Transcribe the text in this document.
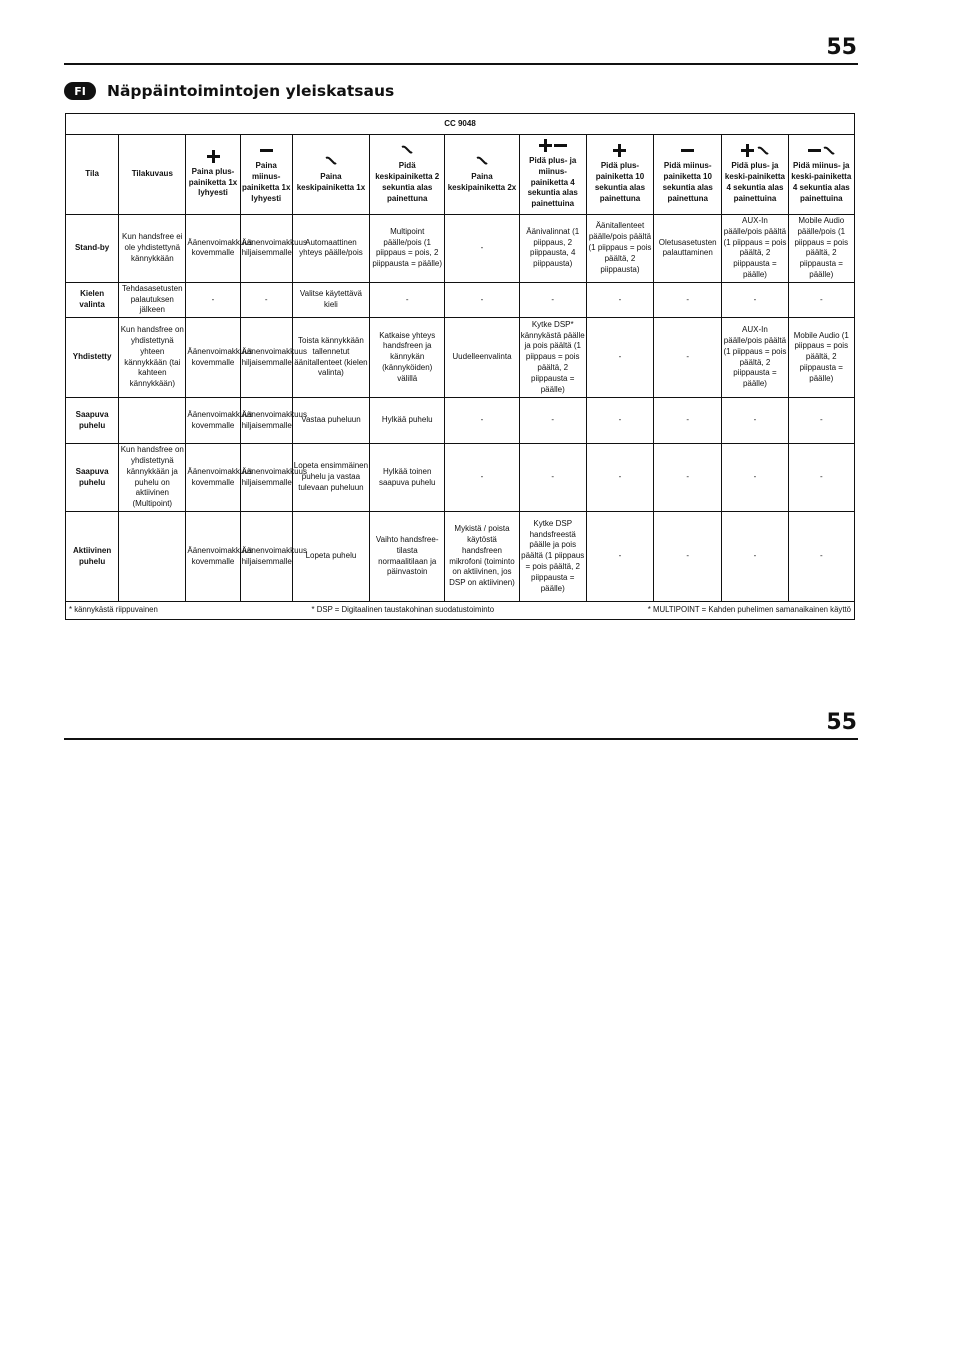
55
FI	Näppäintoimintojen yleiskatsaus
CC 9048											
Tila	Tilakuvaus	Paina plus-painiketta 1x lyhyesti	Paina miinus-painiketta 1x lyhyesti	Paina keskipainiketta 1x	Pidä keskipainiketta 2 sekuntia alas painettuna	Paina keskipainiketta 2x	Pidä plus- ja miinus-painiketta 4 sekuntia alas painettuina	Pidä plus-painiketta 10 sekuntia alas painettuna	Pidä miinus-painiketta 10 sekuntia alas painettuna	Pidä plus- ja keski-painiketta 4 sekuntia alas painettuina	Pidä miinus- ja keski-painiketta 4 sekuntia alas painettuina
Stand-by	Kun handsfree ei ole yhdistettynä kännykkään	Äänenvoimakkuus kovemmalle	Äänenvoimakkuus hiljaisemmalle	Automaattinen yhteys päälle/pois	Multipoint päälle/pois (1 piippaus = pois, 2 piippausta = päälle)	-	Äänivalinnat (1 piippaus, 2 piippausta, 4 piippausta)	Äänitallenteet päälle/pois päältä (1 piippaus = pois päältä, 2 piippausta)	Oletusasetusten palauttaminen	AUX-In päälle/pois päältä (1 piippaus = pois päältä, 2 piippausta = päälle)	Mobile Audio päälle/pois (1 piippaus = pois päältä, 2 piippausta = päälle)
Kielen valinta	Tehdasasetusten palautuksen jälkeen	-	-	Valitse käytettävä kieli	-	-	-	-	-	-	-
Yhdistetty	Kun handsfree on yhdistettynä yhteen kännykkään (tai kahteen kännykkään)	Äänenvoimakkuus kovemmalle	Äänenvoimakkuus hiljaisemmalle	Toista kännykkään tallennetut äänitallenteet (kielen valinta)	Katkaise yhteys handsfreen ja kännykän (kännyköiden) välillä	Uudelleenvalinta	Kytke DSP* kännykästä päälle ja pois päältä (1 piippaus = pois päältä, 2 piippausta = päälle)	-	-	AUX-In päälle/pois päältä (1 piippaus = pois päältä, 2 piippausta = päälle)	Mobile Audio (1 piippaus = pois päältä, 2 piippausta = päälle)
Saapuva puhelu		Äänenvoimakkuus kovemmalle	Äänenvoimakkuus hiljaisemmalle	Vastaa puheluun	Hylkää puhelu	-	-	-	-	-	-
Saapuva puhelu	Kun handsfree on yhdistettynä kännykkään ja puhelu on aktiivinen (Multipoint)	Äänenvoimakkuus kovemmalle	Äänenvoimakkuus hiljaisemmalle	Lopeta ensimmäinen puhelu ja vastaa tulevaan puheluun	Hylkää toinen saapuva puhelu	-	-	-	-	-	-
Aktiivinen puhelu		Äänenvoimakkuus kovemmalle	Äänenvoimakkuus hiljaisemmalle	Lopeta puhelu	Vaihto handsfree-tilasta normaalitilaan ja päinvastoin	Mykistä / poista käytöstä handsfreen mikrofoni (toiminto on aktiivinen, jos DSP on aktiivinen)	Kytke DSP handsfreestä päälle ja pois päältä (1 piippaus = pois päältä, 2 piippausta = päälle)	-	-	-	-

* kännykästä riippuvainen * DSP = Digitaalinen taustakohinan suodatustoiminto * MULTIPOINT = Kahden puhelimen samanaikainen käyttö											
55
